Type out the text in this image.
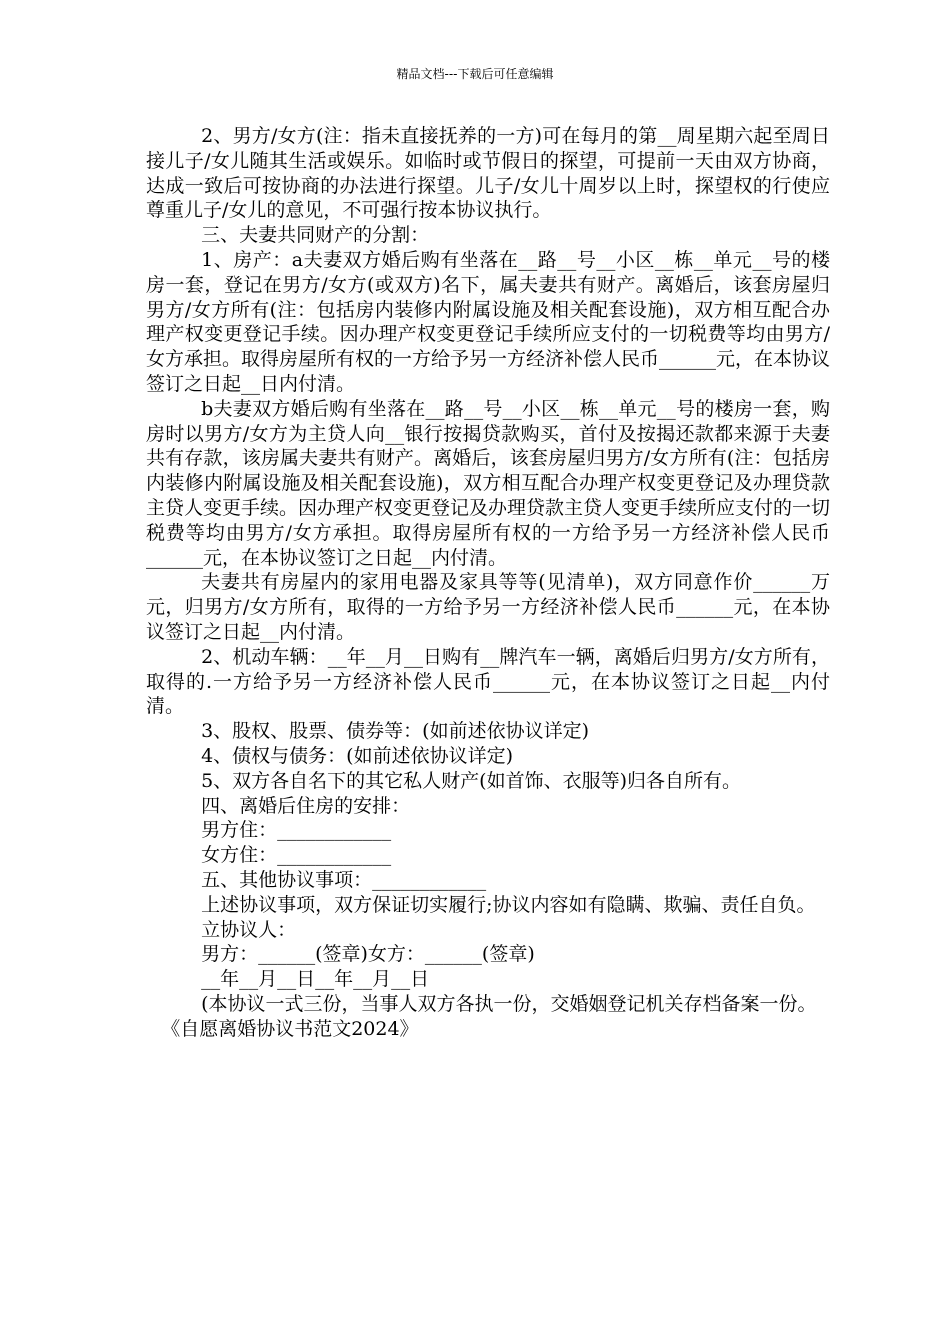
精品文档---下载后可任意编辑

2、男方/女方(注：指未直接抚养的一方)可在每月的第__周星期六起至周日接儿子/女儿随其生活或娱乐。如临时或节假日的探望，可提前一天由双方协商，达成一致后可按协商的办法进行探望。儿子/女儿十周岁以上时，探望权的行使应尊重儿子/女儿的意见，不可强行按本协议执行。

三、夫妻共同财产的分割：

1、房产：a夫妻双方婚后购有坐落在__路__号__小区__栋__单元__号的楼房一套，登记在男方/女方(或双方)名下，属夫妻共有财产。离婚后，该套房屋归男方/女方所有(注：包括房内装修内附属设施及相关配套设施)，双方相互配合办理产权变更登记手续。因办理产权变更登记手续所应支付的一切税费等均由男方/女方承担。取得房屋所有权的一方给予另一方经济补偿人民币______元，在本协议签订之日起__日内付清。

b夫妻双方婚后购有坐落在__路__号__小区__栋__单元__号的楼房一套，购房时以男方/女方为主贷人向__银行按揭贷款购买，首付及按揭还款都来源于夫妻共有存款，该房属夫妻共有财产。离婚后，该套房屋归男方/女方所有(注：包括房内装修内附属设施及相关配套设施)，双方相互配合办理产权变更登记及办理贷款主贷人变更手续。因办理产权变更登记及办理贷款主贷人变更手续所应支付的一切税费等均由男方/女方承担。取得房屋所有权的一方给予另一方经济补偿人民币______元，在本协议签订之日起__内付清。

夫妻共有房屋内的家用电器及家具等等(见清单)，双方同意作价______万元，归男方/女方所有，取得的一方给予另一方经济补偿人民币______元，在本协议签订之日起__内付清。

2、机动车辆：__年__月__日购有__牌汽车一辆，离婚后归男方/女方所有，取得的.一方给予另一方经济补偿人民币______元，在本协议签订之日起__内付清。

3、股权、股票、债券等：(如前述依协议详定)

4、债权与债务：(如前述依协议详定)

5、双方各自名下的其它私人财产(如首饰、衣服等)归各自所有。

四、离婚后住房的安排：

男方住：____________

女方住：____________

五、其他协议事项：____________

上述协议事项，双方保证切实履行;协议内容如有隐瞒、欺骗、责任自负。

立协议人：

男方：______(签章)女方：______(签章)

__年__月__日__年__月__日

(本协议一式三份，当事人双方各执一份，交婚姻登记机关存档备案一份。

《自愿离婚协议书范文2024》
